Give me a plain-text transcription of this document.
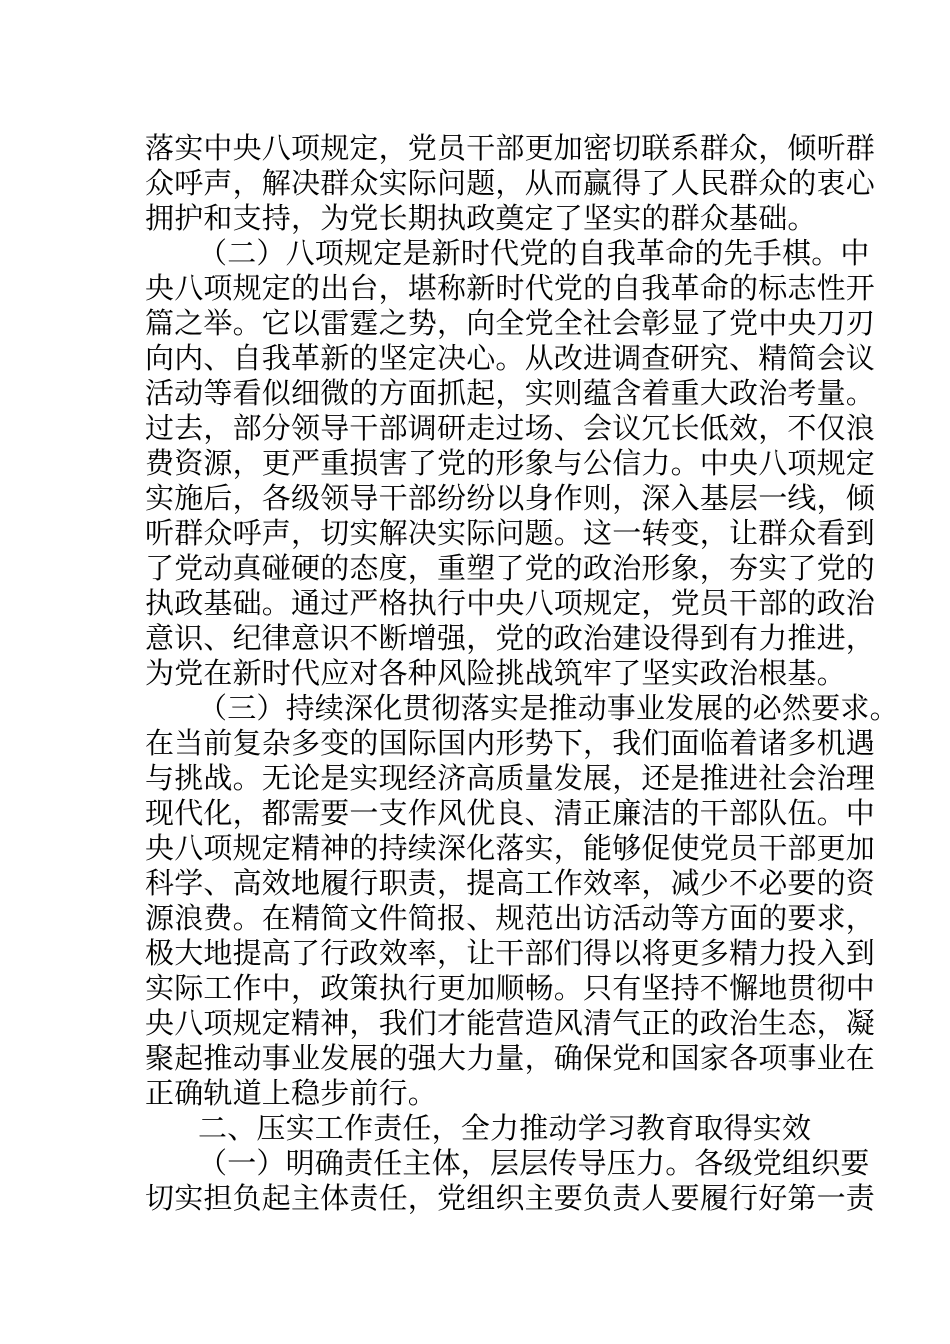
落实中央八项规定，党员干部更加密切联系群众，倾听群
众呼声，解决群众实际问题，从而赢得了人民群众的衷心
拥护和支持，为党长期执政奠定了坚实的群众基础。
（二）八项规定是新时代党的自我革命的先手棋。中
央八项规定的出台，堪称新时代党的自我革命的标志性开
篇之举。它以雷霆之势，向全党全社会彰显了党中央刀刃
向内、自我革新的坚定决心。从改进调查研究、精简会议
活动等看似细微的方面抓起，实则蕴含着重大政治考量。
过去，部分领导干部调研走过场、会议冗长低效，不仅浪
费资源，更严重损害了党的形象与公信力。中央八项规定
实施后，各级领导干部纷纷以身作则，深入基层一线，倾
听群众呼声，切实解决实际问题。这一转变，让群众看到
了党动真碰硬的态度，重塑了党的政治形象，夯实了党的
执政基础。通过严格执行中央八项规定，党员干部的政治
意识、纪律意识不断增强，党的政治建设得到有力推进，
为党在新时代应对各种风险挑战筑牢了坚实政治根基。
（三）持续深化贯彻落实是推动事业发展的必然要求。
在当前复杂多变的国际国内形势下，我们面临着诸多机遇
与挑战。无论是实现经济高质量发展，还是推进社会治理
现代化，都需要一支作风优良、清正廉洁的干部队伍。中
央八项规定精神的持续深化落实，能够促使党员干部更加
科学、高效地履行职责，提高工作效率，减少不必要的资
源浪费。在精简文件简报、规范出访活动等方面的要求，
极大地提高了行政效率，让干部们得以将更多精力投入到
实际工作中，政策执行更加顺畅。只有坚持不懈地贯彻中
央八项规定精神，我们才能营造风清气正的政治生态，凝
聚起推动事业发展的强大力量，确保党和国家各项事业在
正确轨道上稳步前行。
二、压实工作责任，全力推动学习教育取得实效
（一）明确责任主体，层层传导压力。各级党组织要
切实担负起主体责任，党组织主要负责人要履行好第一责
